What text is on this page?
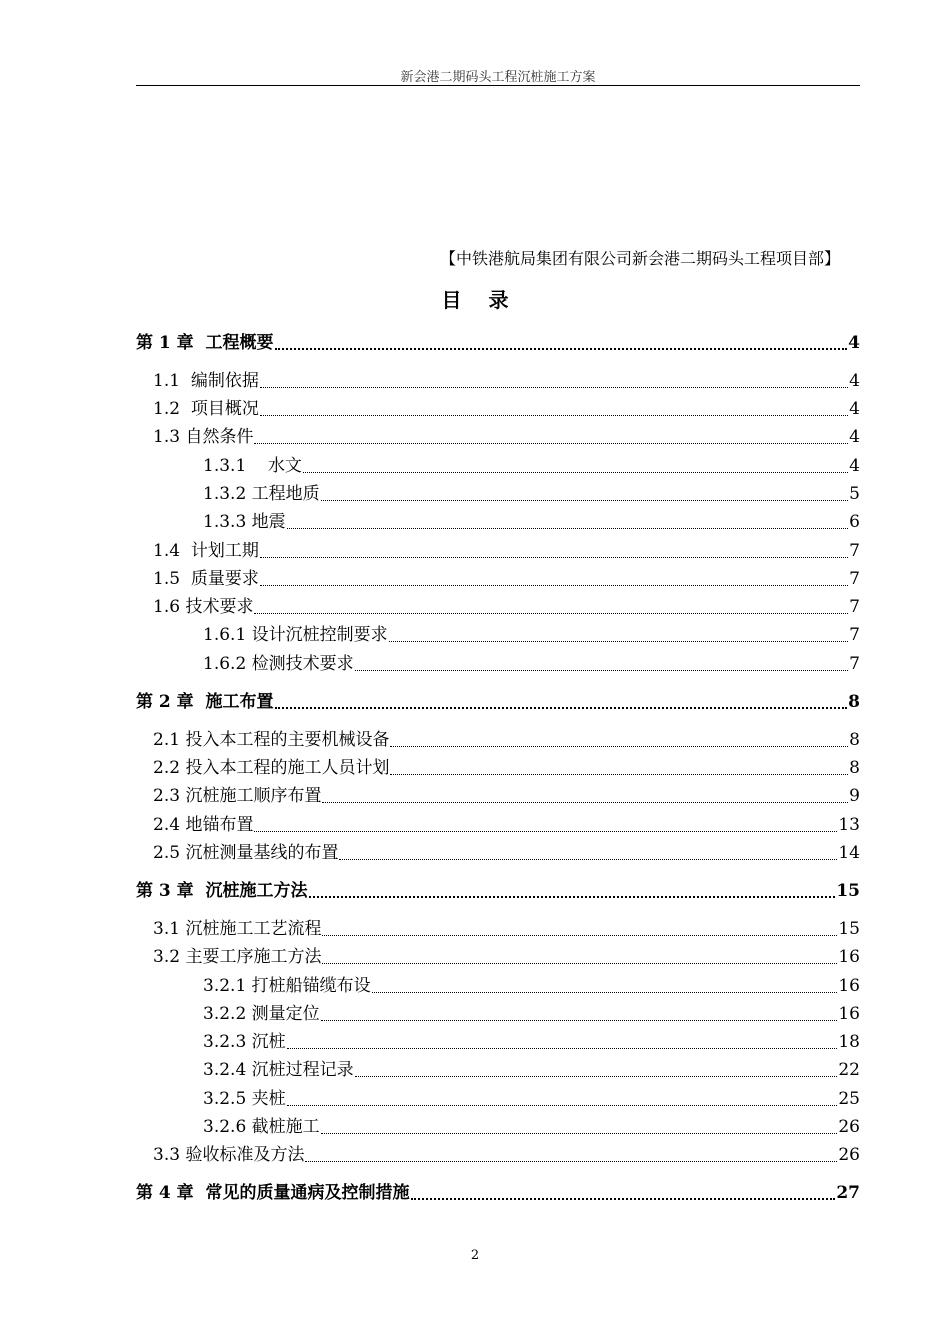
新会港二期码头工程沉桩施工方案
【中铁港航局集团有限公司新会港二期码头工程项目部】
目 录
第 1 章  工程概要	4
1.1  编制依据	4
1.2  项目概况	4
1.3 自然条件	4
1.3.1    水文	4
1.3.2 工程地质	5
1.3.3 地震	6
1.4  计划工期	7
1.5  质量要求	7
1.6 技术要求	7
1.6.1 设计沉桩控制要求	7
1.6.2 检测技术要求	7
第 2 章  施工布置	8
2.1 投入本工程的主要机械设备	8
2.2 投入本工程的施工人员计划	8
2.3 沉桩施工顺序布置	9
2.4 地锚布置	13
2.5 沉桩测量基线的布置	14
第 3 章  沉桩施工方法	15
3.1 沉桩施工工艺流程	15
3.2 主要工序施工方法	16
3.2.1 打桩船锚缆布设	16
3.2.2 测量定位	16
3.2.3 沉桩	18
3.2.4 沉桩过程记录	22
3.2.5 夹桩	25
3.2.6 截桩施工	26
3.3 验收标准及方法	26
第 4 章  常见的质量通病及控制措施	27
2
